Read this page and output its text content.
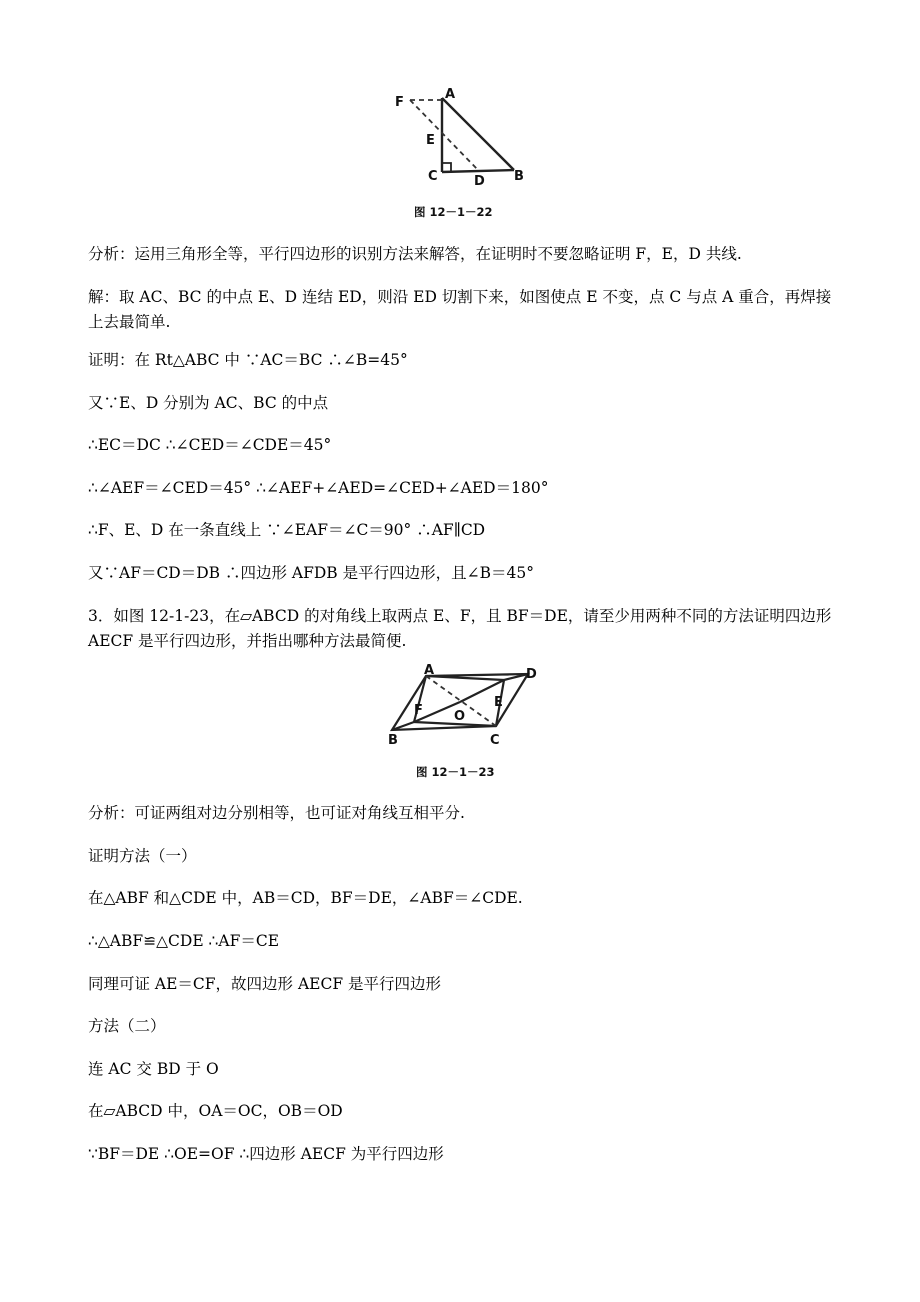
F
A
E
C	D B
图 12－1－22
分析：运用三角形全等，平行四边形的识别方法来解答，在证明时不要忽略证明 F，E，D 共线.
解：取 AC、BC 的中点 E、D 连结 ED，则沿 ED 切割下来，如图使点 E 不变，点 C 与点 A 重合，再焊接
上去最简单.
证明：在 Rt△ABC 中 ∵AC＝BC ∴∠B=45°
又∵E、D 分别为 AC、BC 的中点
∴EC＝DC ∴∠CED＝∠CDE＝45°
∴∠AEF＝∠CED＝45° ∴∠AEF+∠AED=∠CED+∠AED＝180°
∴F、E、D 在一条直线上 ∵∠EAF＝∠C＝90° ∴AF∥CD
又∵AF＝CD＝DB ∴四边形 AFDB 是平行四边形，且∠B＝45°
3．如图 12-1-23，在▱ABCD 的对角线上取两点 E、F，且 BF＝DE，请至少用两种不同的方法证明四边形
AECF 是平行四边形，并指出哪种方法最简便.
A	D
F O
E
B	C
图 12－1－23
分析：可证两组对边分别相等，也可证对角线互相平分.
证明方法（一）
在△ABF 和△CDE 中，AB＝CD，BF＝DE，∠ABF＝∠CDE.
∴△ABF≌△CDE ∴AF＝CE
同理可证 AE＝CF，故四边形 AECF 是平行四边形
方法（二）
连 AC 交 BD 于 O
在▱ABCD 中，OA＝OC，OB＝OD
∵BF＝DE ∴OE=OF ∴四边形 AECF 为平行四边形
